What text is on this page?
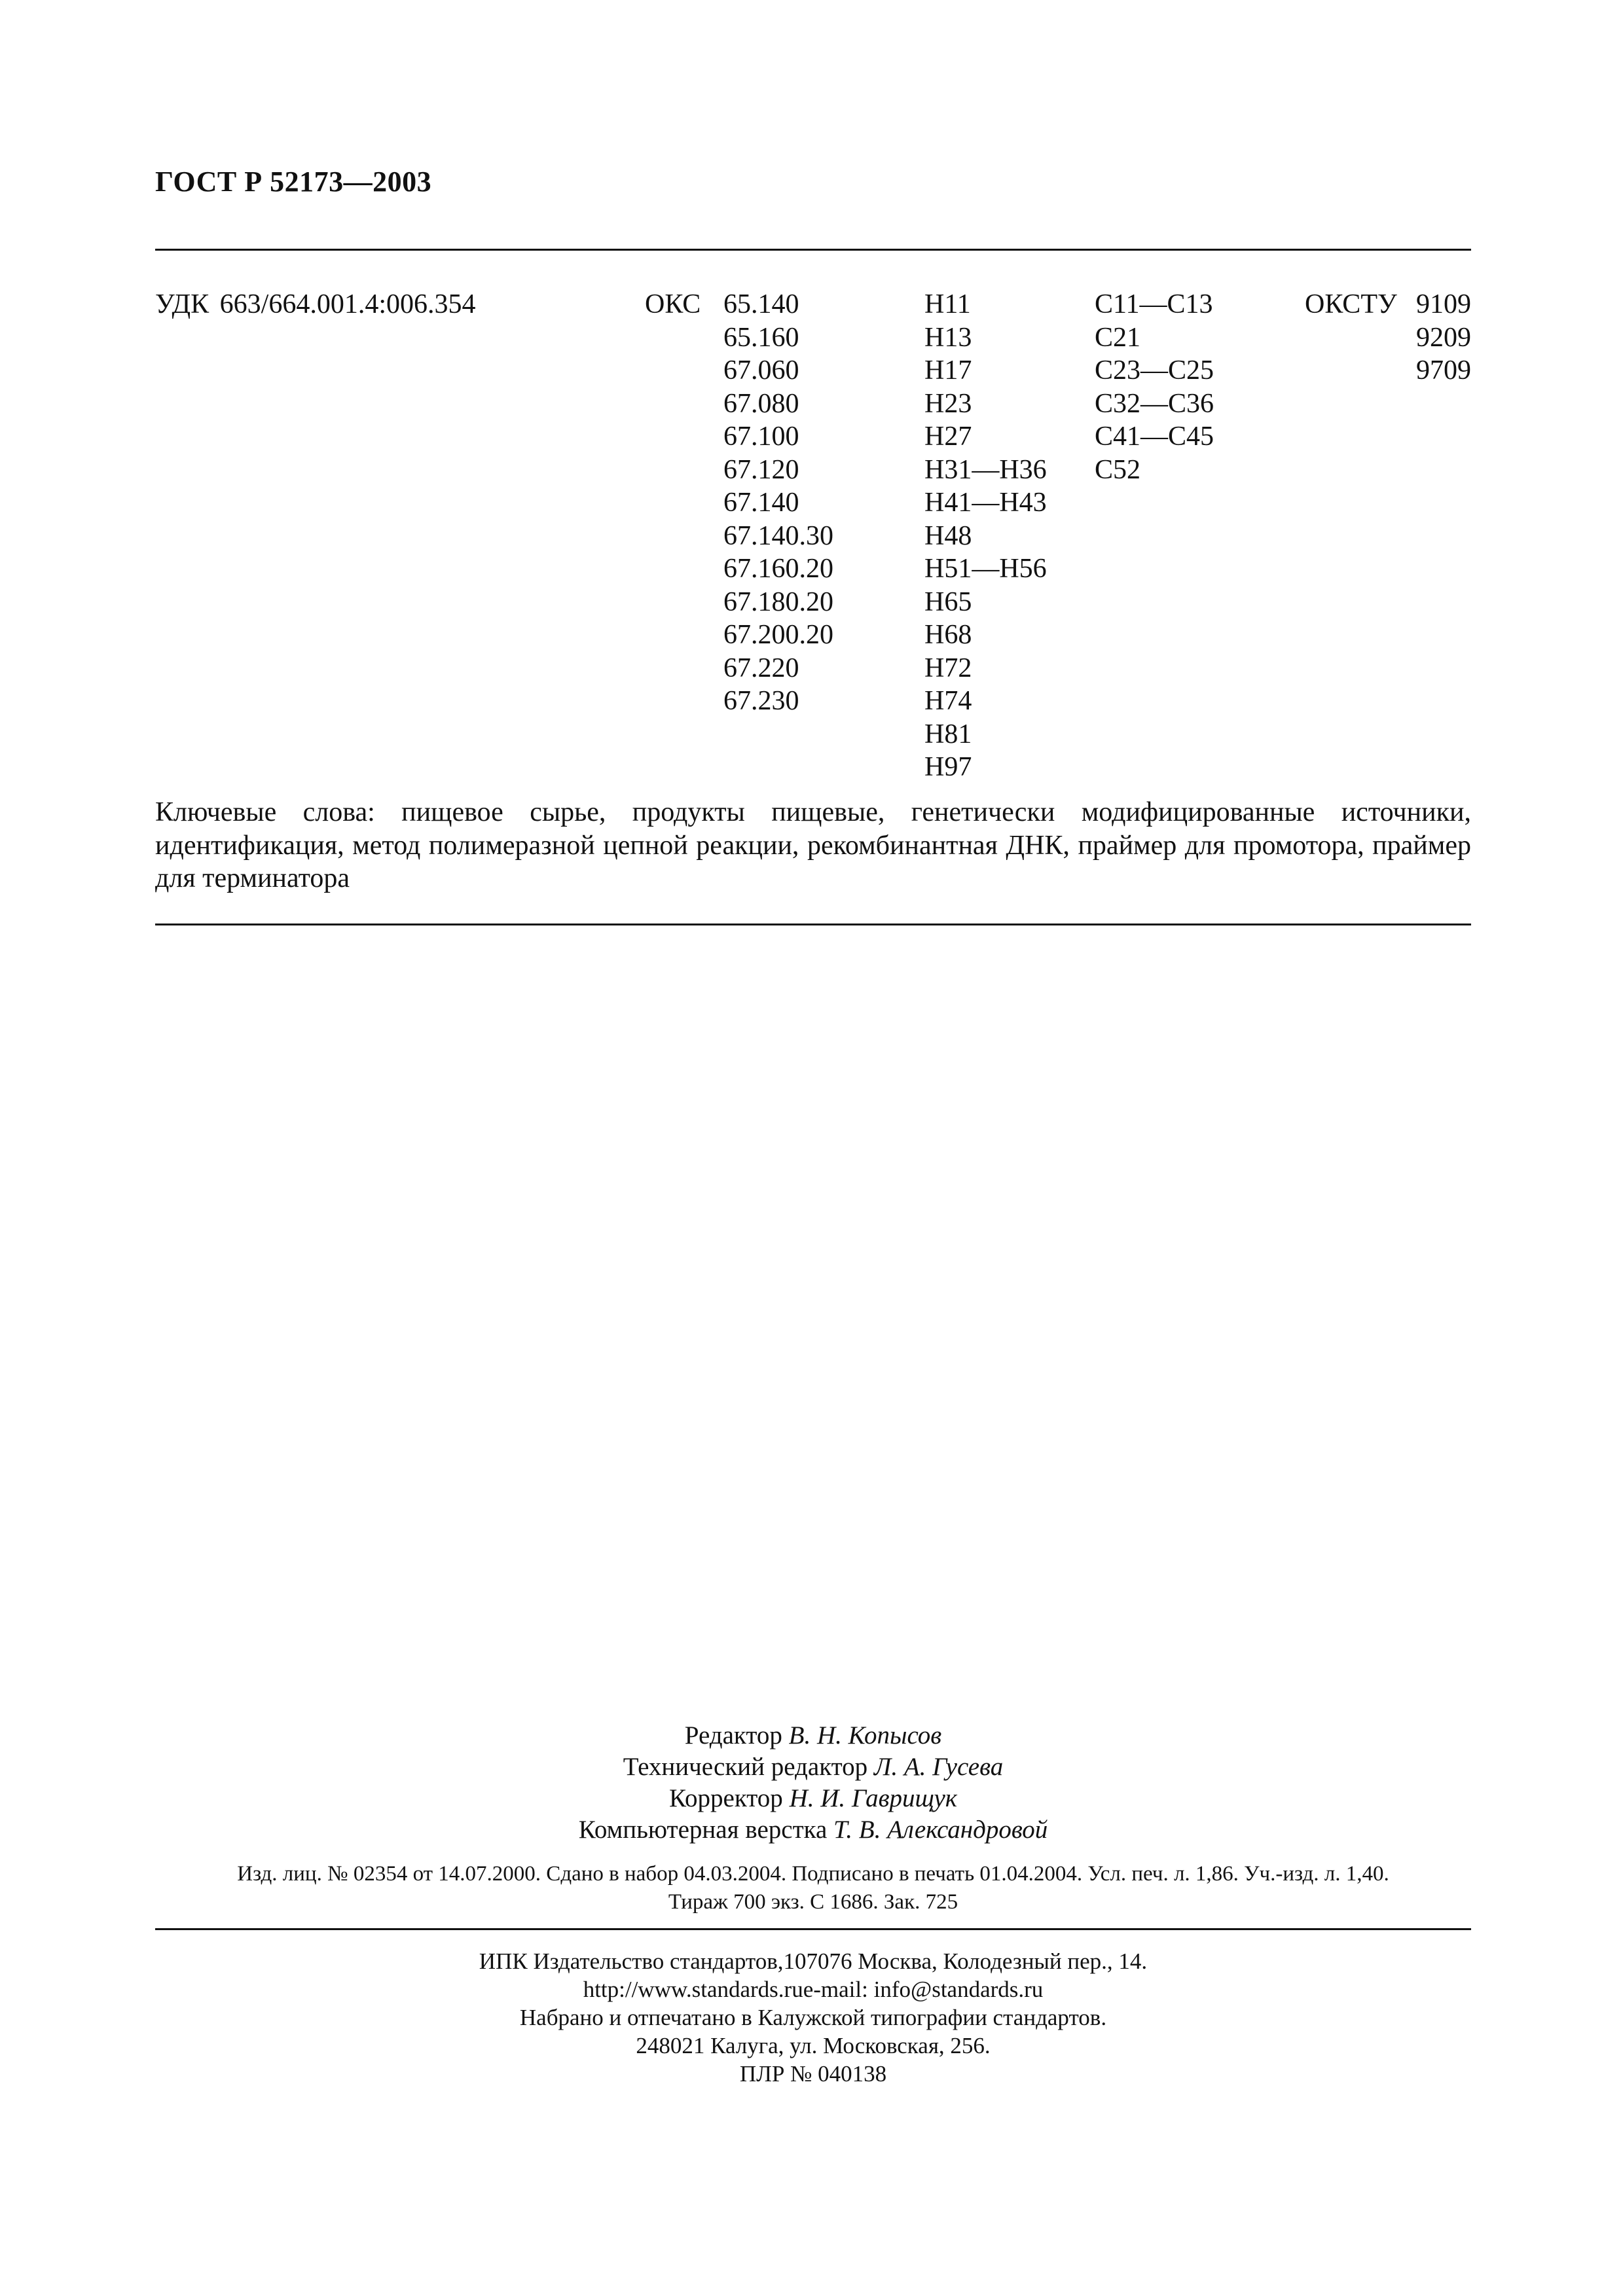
ГОСТ Р 52173—2003
УДК 663/664.001.4:006.354	ОКС 65.140
65.160
67.060
67.080
67.100
67.120
67.140
67.140.30
67.160.20
67.180.20
67.200.20
67.220
67.230
Н11
Н13
Н17
Н23
Н27
Н31—Н36
Н41—Н43
Н48
Н51—Н56
Н65
Н68
Н72
Н74
Н81
Н97
С11—С13
С21
С23—С25
С32—С36
С41—С45
С52
ОКСТУ 9109
9209
9709

Ключевые слова: пищевое сырье, продукты пищевые, генетически модифицированные источники, идентификация, метод полимеразной цепной реакции, рекомбинантная ДНК, праймер для промотора, праймер для терминатора

Редактор В. Н. Копысов
Технический редактор Л. А. Гусева
Корректор Н. И. Гаврищук
Компьютерная верстка Т. В. Александровой
Изд. лиц. № 02354 от 14.07.2000. Сдано в набор 04.03.2004. Подписано в печать 01.04.2004. Усл. печ. л. 1,86. Уч.-изд. л. 1,40.
Тираж 700 экз. С 1686. Зак. 725
ИПК Издательство стандартов,107076 Москва, Колодезный пер., 14.
http://www.standards.rue-mail: info@standards.ru
Набрано и отпечатано в Калужской типографии стандартов.
248021 Калуга, ул. Московская, 256.
ПЛР № 040138
